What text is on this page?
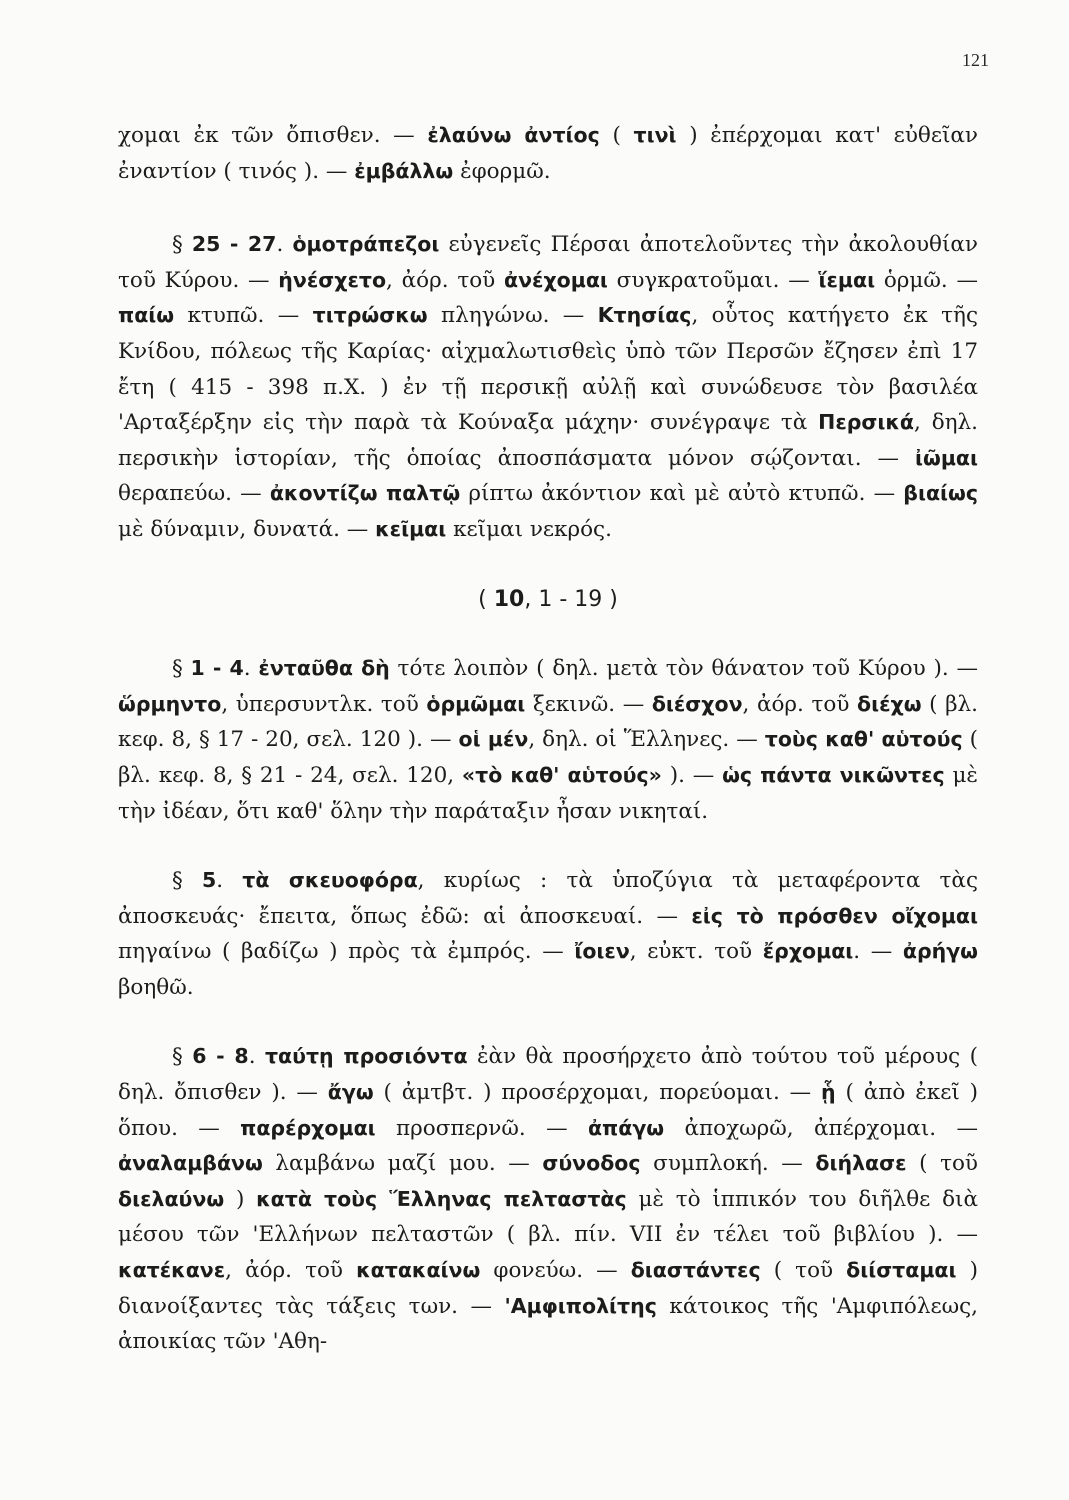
121

χομαι ἐκ τῶν ὄπισθεν. — ἐλαύνω ἀντίος ( τινὶ ) ἐπέρχομαι κατ' εὐθεῖαν ἐναντίον ( τινός ). — ἐμβάλλω ἐφορμῶ.

§ 25 - 27. ὁμοτράπεζοι εὐγενεῖς Πέρσαι ἀποτελοῦντες τὴν ἀκολουθίαν τοῦ Κύρου. — ἠνέσχετο, ἀόρ. τοῦ ἀνέχομαι συγκρατοῦμαι. — ἵεμαι ὁρμῶ. — παίω κτυπῶ. — τιτρώσκω πληγώνω. — Κτησίας, οὗτος κατήγετο ἐκ τῆς Κνίδου, πόλεως τῆς Καρίας· αἰχμαλωτισθεὶς ὑπὸ τῶν Περσῶν ἔζησεν ἐπὶ 17 ἔτη ( 415 - 398 π.Χ. ) ἐν τῇ περσικῇ αὐλῇ καὶ συνώδευσε τὸν βασιλέα 'Αρταξέρξην εἰς τὴν παρὰ τὰ Κούναξα μάχην· συνέγραψε τὰ Περσικά, δηλ. περσικὴν ἱστορίαν, τῆς ὁποίας ἀποσπάσματα μόνον σῴζονται. — ἰῶμαι θεραπεύω. — ἀκοντίζω παλτῷ ρίπτω ἀκόντιον καὶ μὲ αὐτὸ κτυπῶ. — βιαίως μὲ δύναμιν, δυνατά. — κεῖμαι κεῖμαι νεκρός.

( 10, 1 - 19 )

§ 1 - 4. ἐνταῦθα δὴ τότε λοιπὸν ( δηλ. μετὰ τὸν θάνατον τοῦ Κύρου ). — ὥρμηντο, ὑπερσυντλκ. τοῦ ὁρμῶμαι ξεκινῶ. — διέσχον, ἀόρ. τοῦ διέχω ( βλ. κεφ. 8, § 17 - 20, σελ. 120 ). — οἱ μέν, δηλ. οἱ Ἕλληνες. — τοὺς καθ' αὑτούς ( βλ. κεφ. 8, § 21 - 24, σελ. 120, «τὸ καθ' αὑτούς» ). — ὡς πάντα νικῶντες μὲ τὴν ἰδέαν, ὅτι καθ' ὅλην τὴν παράταξιν ἦσαν νικηταί.

§ 5. τὰ σκευοφόρα, κυρίως : τὰ ὑποζύγια τὰ μεταφέροντα τὰς ἀποσκευάς· ἔπειτα, ὅπως ἐδῶ: αἱ ἀποσκευαί. — εἰς τὸ πρόσθεν οἴχομαι πηγαίνω ( βαδίζω ) πρὸς τὰ ἐμπρός. — ἴοιεν, εὐκτ. τοῦ ἔρχομαι. — ἀρήγω βοηθῶ.

§ 6 - 8. ταύτῃ προσιόντα ἐὰν θὰ προσήρχετο ἀπὸ τούτου τοῦ μέρους ( δηλ. ὄπισθεν ). — ἄγω ( ἀμτβτ. ) προσέρχομαι, πορεύομαι. — ᾗ ( ἀπὸ ἐκεῖ ) ὅπου. — παρέρχομαι προσπερνῶ. — ἀπάγω ἀποχωρῶ, ἀπέρχομαι. — ἀναλαμβάνω λαμβάνω μαζί μου. — σύνοδος συμπλοκή. — διήλασε ( τοῦ διελαύνω ) κατὰ τοὺς Ἕλληνας πελταστὰς μὲ τὸ ἱππικόν του διῆλθε διὰ μέσου τῶν 'Ελλήνων πελταστῶν ( βλ. πίν. VII ἐν τέλει τοῦ βιβλίου ). — κατέκανε, ἀόρ. τοῦ κατακαίνω φονεύω. — διαστάντες ( τοῦ διίσταμαι ) διανοίξαντες τὰς τάξεις των. — 'Αμφιπολίτης κάτοικος τῆς 'Αμφιπόλεως, ἀποικίας τῶν 'Αθη-
